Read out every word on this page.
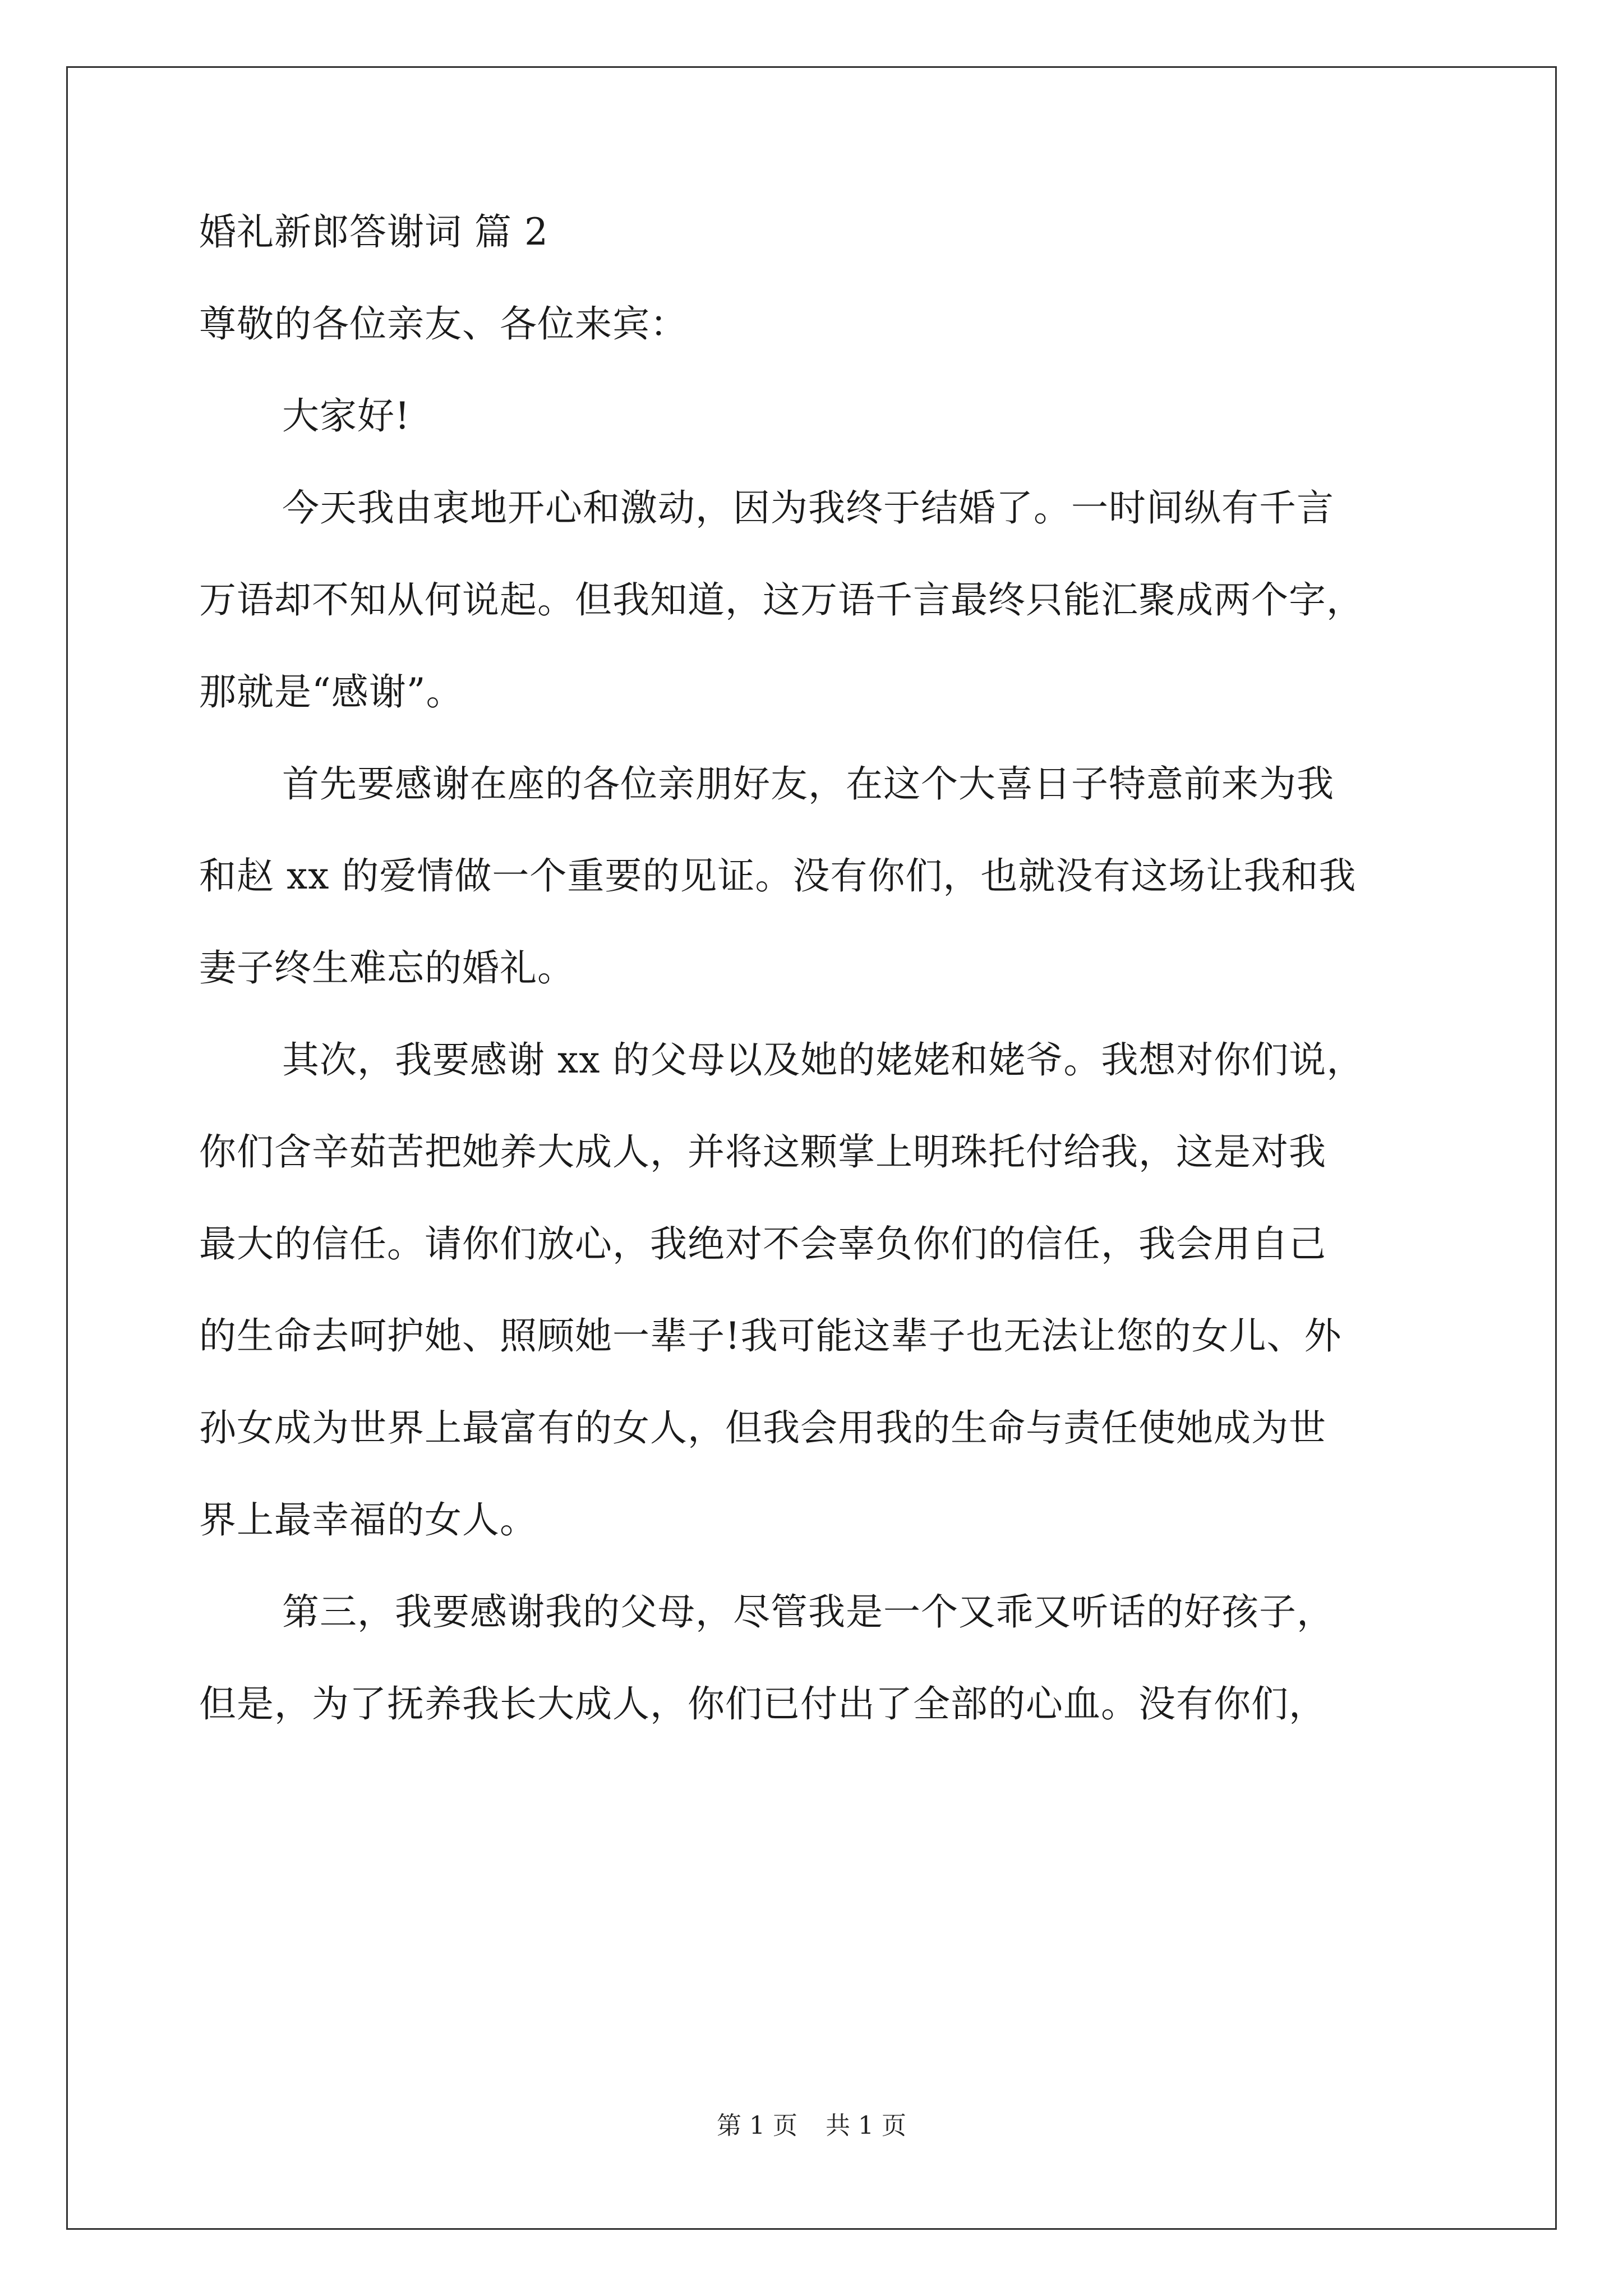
婚礼新郎答谢词 篇 2

尊敬的各位亲友、各位来宾：

大家好!

今天我由衷地开心和激动，因为我终于结婚了。一时间纵有千言
万语却不知从何说起。但我知道，这万语千言最终只能汇聚成两个字，
那就是“感谢”。
首先要感谢在座的各位亲朋好友，在这个大喜日子特意前来为我
和赵 xx 的爱情做一个重要的见证。没有你们，也就没有这场让我和我
妻子终生难忘的婚礼。
其次，我要感谢 xx 的父母以及她的姥姥和姥爷。我想对你们说，
你们含辛茹苦把她养大成人，并将这颗掌上明珠托付给我，这是对我
最大的信任。请你们放心，我绝对不会辜负你们的信任，我会用自己
的生命去呵护她、照顾她一辈子!我可能这辈子也无法让您的女儿、外
孙女成为世界上最富有的女人，但我会用我的生命与责任使她成为世
界上最幸福的女人。
第三，我要感谢我的父母，尽管我是一个又乖又听话的好孩子，
但是，为了抚养我长大成人，你们已付出了全部的心血。没有你们，
第 1 页 共 1 页
